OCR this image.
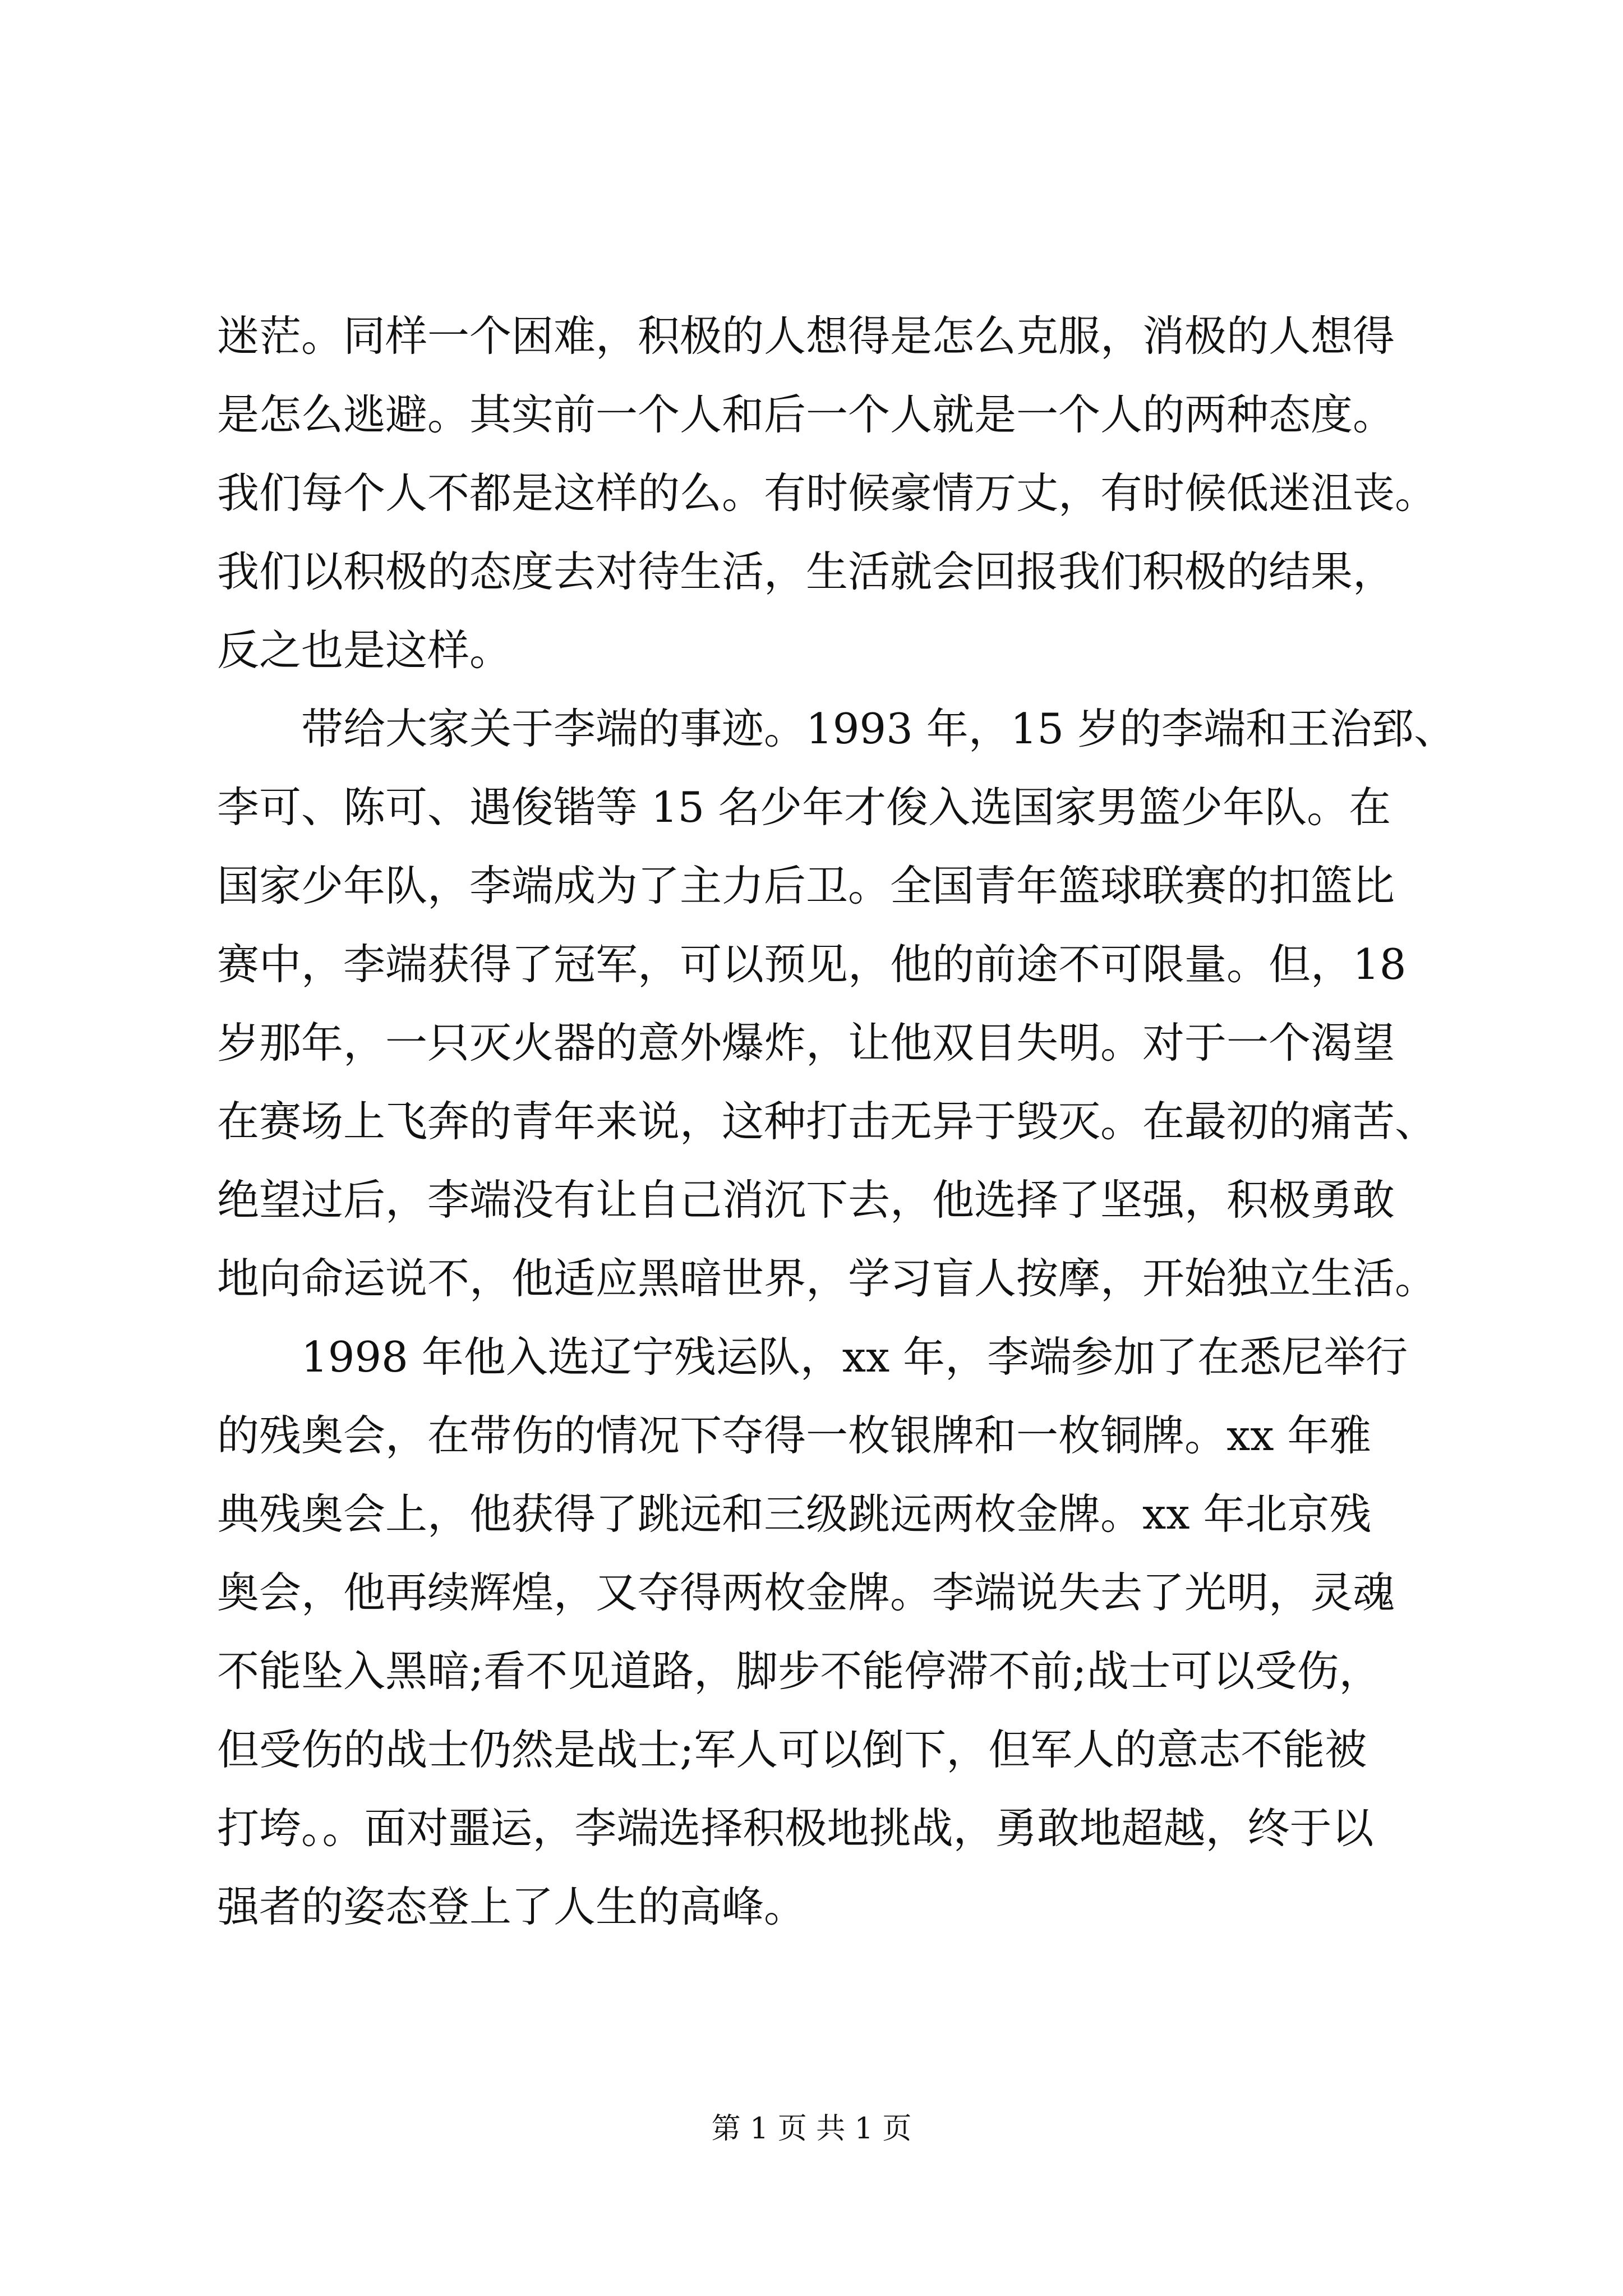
迷茫。同样一个困难，积极的人想得是怎么克服，消极的人想得
是怎么逃避。其实前一个人和后一个人就是一个人的两种态度。
我们每个人不都是这样的么。有时候豪情万丈，有时候低迷沮丧。
我们以积极的态度去对待生活，生活就会回报我们积极的结果，
反之也是这样。
　　带给大家关于李端的事迹。1993 年，15 岁的李端和王治郅、
李可、陈可、遇俊锴等 15 名少年才俊入选国家男篮少年队。在
国家少年队，李端成为了主力后卫。全国青年篮球联赛的扣篮比
赛中，李端获得了冠军，可以预见，他的前途不可限量。但，18
岁那年，一只灭火器的意外爆炸，让他双目失明。对于一个渴望
在赛场上飞奔的青年来说，这种打击无异于毁灭。在最初的痛苦、
绝望过后，李端没有让自己消沉下去，他选择了坚强，积极勇敢
地向命运说不，他适应黑暗世界，学习盲人按摩，开始独立生活。
　　1998 年他入选辽宁残运队，xx 年，李端参加了在悉尼举行
的残奥会，在带伤的情况下夺得一枚银牌和一枚铜牌。xx 年雅
典残奥会上，他获得了跳远和三级跳远两枚金牌。xx 年北京残
奥会，他再续辉煌，又夺得两枚金牌。李端说失去了光明，灵魂
不能坠入黑暗;看不见道路，脚步不能停滞不前;战士可以受伤，
但受伤的战士仍然是战士;军人可以倒下，但军人的意志不能被
打垮。。面对噩运，李端选择积极地挑战，勇敢地超越，终于以
强者的姿态登上了人生的高峰。
第 1 页 共 1 页
